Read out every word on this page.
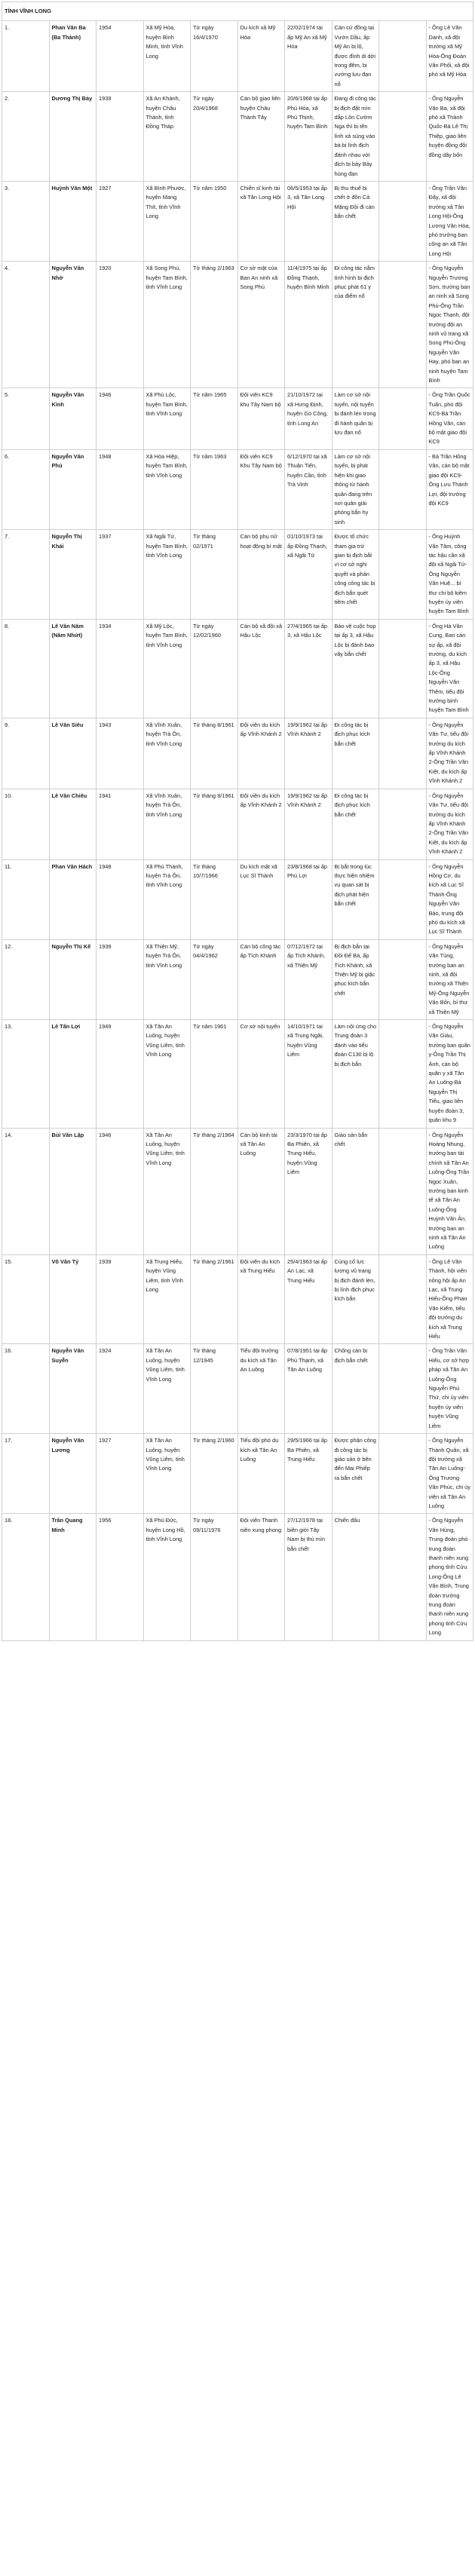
TỈNH VĨNH LONG									
1.	Phan Văn Ba (Ba Thành)	1954	Xã Mỹ Hòa, huyện Bình Minh, tỉnh Vĩnh Long	Từ ngày 16/4/1970	Du kích xã Mỹ Hòa	22/02/1974 tại ấp Mỹ An xã Mỹ Hòa	Cán cứ đồng tại Vườn Dầu, ấp Mỹ An bị lộ, được đình di dời trong đêm, bị vướng lựu đạn nổ		- Ông Lê Văn Danh, xã đội trưởng xã Mỹ Hòa-Ông Đoàn Văn Phối, xã đội phó xã Mỹ Hòa
2.	Dương Thị Bảy	1939	Xã An Khánh, huyện Châu Thành, tỉnh Đồng Tháp	Từ ngày 20/4/1968	Cán bộ giao liên huyện Châu Thành Tây	20/6/1968 tại ấp Phú Hòa, xã Phú Thịnh, huyện Tam Bình	Đang đi công tác bị địch đặt mìn dắp Lôn Cườm Nga thì bị tên lính xả súng vào bà bị lính địch đánh nhau với địch bị bảy Bảy hùng đạn		- Ông Nguyễn Văn Ba, xã đội phó xã Thành Quốc-Bà Lê Thị Thiệp, giao liên huyện đồng đội đồng dây bốn
3.	Huỳnh Văn Một	1927	Xã Bình Phước, huyện Mang Thít, tỉnh Vĩnh Long	Từ năm 1950	Chiến sĩ kinh tài xã Tân Long Hội	06/5/1953 tại ấp 3, xã Tân Long Hội	Bị thu thuế bị chết ở đồn Cả Mặng Đội đi cán bắn chết		- Ông Trần Văn Đẩy, xã đội trưởng xã Tân Long Hội-Ông Lương Văn Hòa, phó trưởng ban công an xã Tân Long Hội
4.	Nguyễn Văn Nhờ	1920	Xã Song Phú, huyện Tam Bình, tỉnh Vĩnh Long	Từ tháng 2/1963	Cơ sở mật của Ban An ninh xã Song Phú	11/4/1975 tại ấp Đồng Thạnh, huyện Bình Minh	Đi công tác nắm tình hình bị địch phục phát 61 y của điểm nổ		- Ông Nguyễn Nguyễn Trương Sơn, trưởng ban an ninh xã Song Phú-Ông Trần Ngọc Thạnh, đội trưởng đội an ninh vũ trang xã Song Phú-Ông Nguyễn Văn Hay, phó ban an ninh huyện Tam Bình
5.	Nguyễn Văn Kình	1946	Xã Phú Lộc, huyện Tam Bình, tỉnh Vĩnh Long	Từ năm 1965	Đội viên KC9 khu Tây Nam bộ	21/10/1972 tại xã Hưng Định, huyện Gò Công, tỉnh Long An	Làm cơ sở nội tuyến, nội tuyến bị đánh lén trong đi hành quân bị lựu đạn nổ		- Ông Trần Quốc Tuấn, phó đội KC9-Bà Trần Hồng Vân, cán bộ mật giao đội KC9
6.	Nguyễn Văn Phú	1948	Xã Hòa Hiệp, huyện Tam Bình, tỉnh Vĩnh Long	Từ năm 1963	Đội viên KC9 Khu Tây Nam bộ	6/12/1970 tại xã Thuận Tiến, huyện Cần, tỉnh Trà Vinh	Làm cơ sở nội tuyến, bị phát hiện khi giao thông từ hành quân đang trên nơi quân giải phóng bắn hy sinh		- Bà Trần Hồng Vân, cán bộ mật giao đội KC9-Ông Lưu Thành Lợi, đội trưởng đội KC9
7.	Nguyễn Thị Khái	1937	Xã Ngãi Tứ, huyện Tam Bình, tỉnh Vĩnh Long	Từ tháng 02/1971	Cán bộ phụ nữ hoạt động bí mật	01/10/1973 tại ấp Đồng Thạnh, xã Ngãi Tứ	Được tổ chức tham gia trừ gian bị địch bắt vì cơ sở nghi quyết và phản công công tác bị địch bắn quét tiêm chết		- Ông Huỳnh Văn Tâm, công tác hậu cần xã đội xã Ngãi Tứ-Ông Nguyễn Văn Huệ... bí thư chi bộ kiêm huyện ủy viên huyện Tam Bình
8.	Lê Văn Năm (Năm Nhứt)	1934	Xã Mỹ Lộc, huyện Tam Bình, tỉnh Vĩnh Long	Từ ngày 12/02/1960	Cán bộ xã đội xã Hậu Lộc	27/4/1965 tại ấp 3, xã Hậu Lộc	Bảo vệ cuộc họp tại ấp 3, xã Hậu Lộc bị đánh bao vây bắn chết		- Ông Hà Văn Cung, Ban cán sự ấp, xã đội trưởng, du kích ấp 3, xã Hậu Lộc-Ông Nguyễn Văn Thêm, tiểu đội trưởng binh huyện Tam Bình
9.	Lê Văn Siêu	1943	Xã Vĩnh Xuân, huyện Trà Ôn, tỉnh Vĩnh Long	Từ tháng 8/1961	Đội viên du kích ấp Vĩnh Khánh 2	19/9/1962 tại ấp Vĩnh Khánh 2	Đi công tác bị địch phục kích bắn chết		- Ông Nguyễn Văn Tư, tiểu đội trưởng du kích ấp Vĩnh Khánh 2-Ông Trần Văn Kiệt, du kích ấp Vĩnh Khánh 2
10.	Lê Văn Chiêu	1941	Xã Vĩnh Xuân, huyện Trà Ôn, tỉnh Vĩnh Long	Từ tháng 8/1961	Đội viên du kích ấp Vĩnh Khánh 2	19/9/1962 tại ấp Vĩnh Khánh 2	Đi công tác bị địch phục kích bắn chết		- Ông Nguyễn Văn Tư, tiểu đội trưởng du kích ấp Vĩnh Khánh 2-Ông Trần Văn Kiệt, du kích ấp Vĩnh Khánh 2
11.	Phan Văn Hách	1948	Xã Phú Thành, huyện Trà Ôn, tỉnh Vĩnh Long	Từ tháng 10/7/1966	Du kích mật xã Lục Sĩ Thành	23/8/1968 tại ấp Phú Lợi	Bị bắt trong lúc thực hiện nhiệm vụ quan sát bị địch phát hiện bắn chết		- Ông Nguyễn Hồng Cơ, du kích xã Lục Sĩ Thành-Ông Nguyễn Văn Bảo, trung đội phó du kích xã Lục Sĩ Thành
12.	Nguyễn Thị Kế	1939	Xã Thiện Mỹ, huyện Trà Ôn, tỉnh Vĩnh Long	Từ ngày 04/4/1962	Cán bộ công tác ấp Tích Khánh	07/12/1972 tại ấp Tích Khánh, xã Thiện Mỹ	Bị địch bắn tại Đồi Đế Bà, ấp Tích Khánh, xã Thiện Mỹ bị giặc phục kích bắn chết		- Ông Nguyễn Văn Tùng, trưởng ban an ninh, xã đội trưởng xã Thiện Mỹ-Ông Nguyễn Văn Bốn, bí thư xã Thiện Mỹ
13.	Lê Tấn Lợi	1949	Xã Tân An Luông, huyện Vũng Liêm, tỉnh Vĩnh Long	Từ năm 1961	Cơ sở nội tuyến	14/10/1971 tại xã Trung Ngãi, huyện Vũng Liêm	Làm nội ứng cho Trung đoàn 3 đánh vào tiểu đoàn C130 bị lộ bị địch bắn		- Ông Nguyễn Văn Giáu, trưởng ban quân y-Ông Trần Thị Ánh, cán bộ quân y xã Tân An Luông-Bà Nguyễn Thị Tiểu, giao liên huyện đoàn 3, quân khu 9
14.	Bùi Văn Lập	1946	Xã Tân An Luông, huyện Vũng Liêm, tỉnh Vĩnh Long	Từ tháng 2/1964	Cán bộ kinh tài xã Tân An Luông	23/3/1970 tại ấp Ba Phiên, xã Trung Hiếu, huyện Vũng Liêm	Giáo sản bắn chết		- Ông Nguyễn Hoàng Nhung, trưởng ban tài chính xã Tân An Luông-Ông Trần Ngọc Xuân, trưởng ban kinh tế xã Tân An Luông-Ông Huỳnh Văn Ân, trưởng ban an ninh xã Tân An Luông
15.	Võ Văn Tỷ	1939	Xã Trung Hiếu, huyện Vũng Liêm, tỉnh Vĩnh Long	Từ tháng 2/1961	Đội viên du kích xã Trung Hiếu	25/4/1963 tại ấp An Lạc, xã Trung Hiếu	Củng cố lực lượng vũ trang bị địch đánh lén, bị lính địch phục kích bắn		- Ông Lê Văn Thành, hội viên nông hội ấp An Lạc, xã Trung Hiếu-Ông Phan Văn Kiểm, tiểu đội trưởng du kích xã Trung Hiếu
16.	Nguyễn Văn Suyễn	1924	Xã Tân An Luông, huyện Vũng Liêm, tỉnh Vĩnh Long	Từ tháng 12/1945	Tiểu đội trưởng du kích xã Tân An Luông	07/8/1951 tại ấp Phú Thạnh, xã Tân An Luông	Chống càn bị địch bắn chết		- Ông Trần Văn Hiếu, cơ sở hợp pháp xã Tân An Luông-Ông Nguyễn Phú Thứ, chi ủy viên huyện ủy viên huyện Vũng Liêm
17.	Nguyễn Văn Lương	1927	Xã Tân An Luông, huyện Vũng Liêm, tỉnh Vĩnh Long	Từ tháng 2/1960	Tiểu đội phó du kích xã Tân An Luông	29/5/1966 tại ấp Ba Phiên, xã Trung Hiếu	Được phân công đi công tác bị giáo sản ở bên đến Mai Phiếp ra bắn chết		- Ông Nguyễn Thành Quân, xã đội trưởng xã Tân An Luông-Ông Trương Văn Phúc, chi ủy viên xã Tân An Luông
18.	Trần Quang Minh	1956	Xã Phú Đức, huyện Long Hồ, tỉnh Vĩnh Long	Từ ngày 09/11/1976	Đội viên Thanh niên xung phong	27/12/1978 tại biên giới Tây Nam bị thù mìn bắn chết	Chiến đấu		- Ông Nguyễn Văn Hùng, Trung đoàn phó trung đoàn thanh niên xung phong tỉnh Cửu Long-Ông Lê Văn Bình, Trung đoàn trưởng trung đoàn thanh niên xung phong tỉnh Cửu Long
